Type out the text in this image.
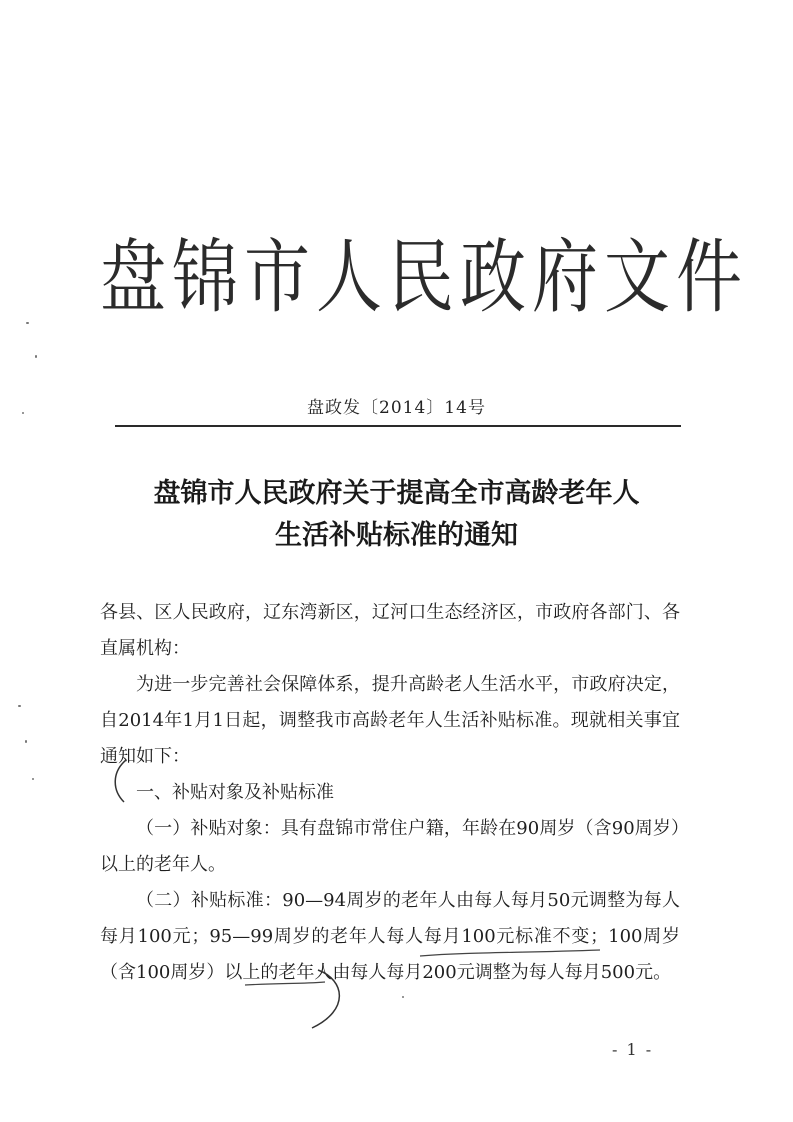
盘锦市人民政府文件
盘政发〔2014〕14号
盘锦市人民政府关于提高全市高龄老年人
生活补贴标准的通知

各县、区人民政府，辽东湾新区，辽河口生态经济区，市政府各部门、各直属机构：

为进一步完善社会保障体系，提升高龄老人生活水平，市政府决定，自2014年1月1日起，调整我市高龄老年人生活补贴标准。现就相关事宜通知如下：

一、补贴对象及补贴标准

（一）补贴对象：具有盘锦市常住户籍，年龄在90周岁（含90周岁）以上的老年人。

（二）补贴标准：90—94周岁的老年人由每人每月50元调整为每人每月100元；95—99周岁的老年人每人每月100元标准不变；100周岁（含100周岁）以上的老年人由每人每月200元调整为每人每月500元。

- 1 -
